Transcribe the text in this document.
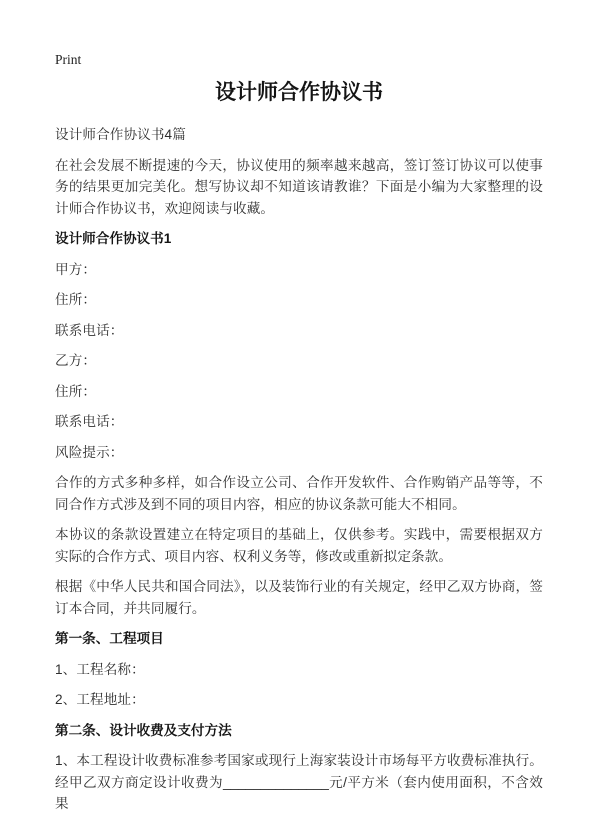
Print
设计师合作协议书

设计师合作协议书4篇

在社会发展不断提速的今天，协议使用的频率越来越高，签订签订协议可以使事务的结果更加完美化。想写协议却不知道该请教谁？下面是小编为大家整理的设计师合作协议书，欢迎阅读与收藏。

设计师合作协议书1

甲方：

住所：

联系电话：

乙方：

住所：

联系电话：

风险提示：

合作的方式多种多样，如合作设立公司、合作开发软件、合作购销产品等等，不同合作方式涉及到不同的项目内容，相应的协议条款可能大不相同。

本协议的条款设置建立在特定项目的基础上，仅供参考。实践中，需要根据双方实际的合作方式、项目内容、权利义务等，修改或重新拟定条款。

根据《中华人民共和国合同法》，以及装饰行业的有关规定，经甲乙双方协商，签订本合同，并共同履行。

第一条、工程项目

1、工程名称：

2、工程地址：

第二条、设计收费及支付方法

1、本工程设计收费标准参考国家或现行上海家装设计市场每平方收费标准执行。经甲乙双方商定设计收费为______________元/平方米（套内使用面积，不含效果
